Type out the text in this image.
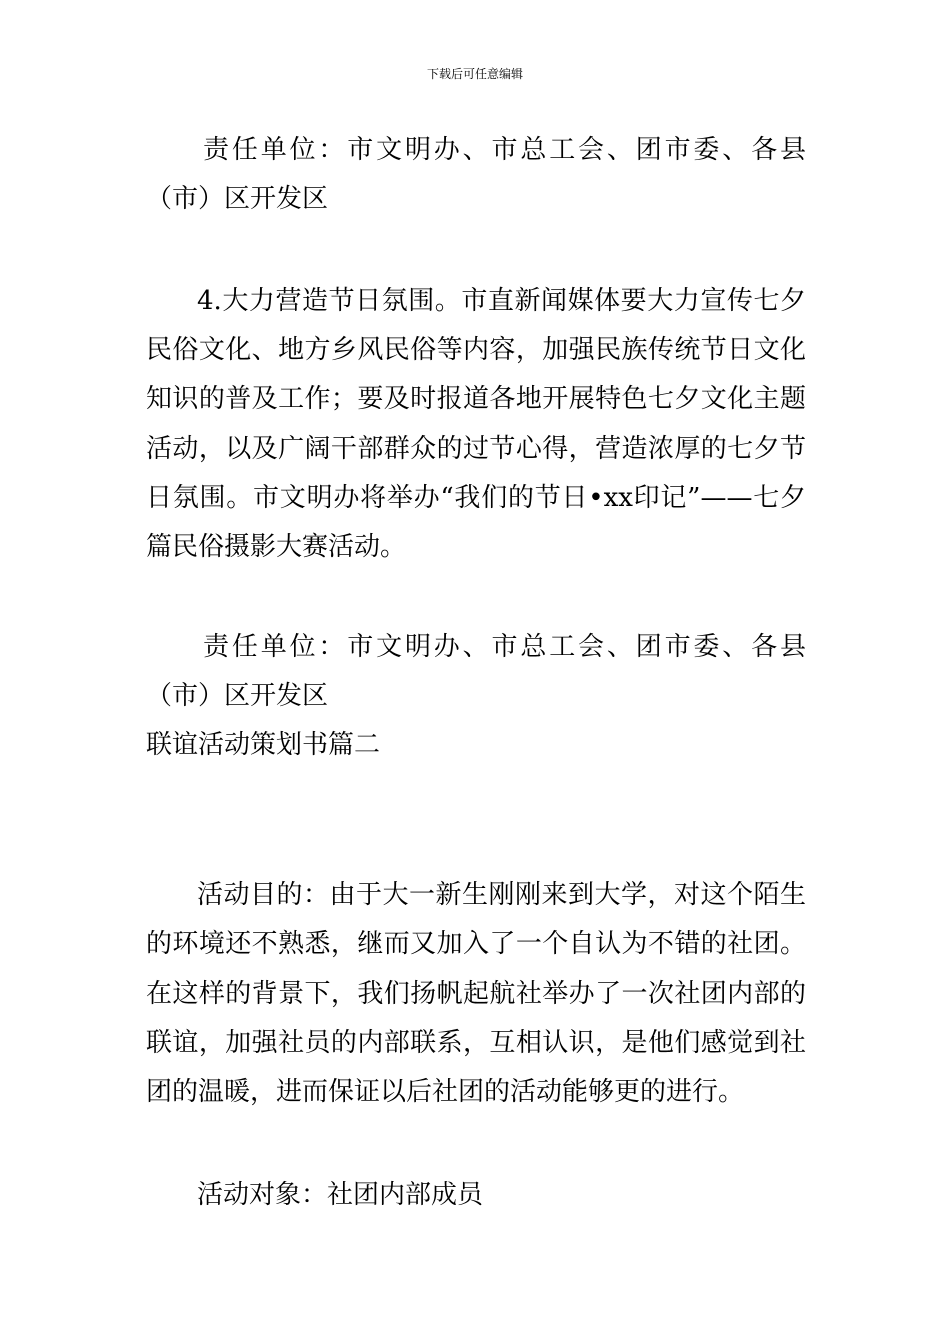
下载后可任意编辑
责任单位：市文明办、市总工会、团市委、各县
（市）区开发区
4.大力营造节日氛围。市直新闻媒体要大力宣传七夕
民俗文化、地方乡风民俗等内容，加强民族传统节日文化
知识的普及工作；要及时报道各地开展特色七夕文化主题
活动，以及广阔干部群众的过节心得，营造浓厚的七夕节
日氛围。市文明办将举办“我们的节日•xx印记”——七夕
篇民俗摄影大赛活动。
责任单位：市文明办、市总工会、团市委、各县
（市）区开发区
联谊活动策划书篇二
活动目的：由于大一新生刚刚来到大学，对这个陌生
的环境还不熟悉，继而又加入了一个自认为不错的社团。
在这样的背景下，我们扬帆起航社举办了一次社团内部的
联谊，加强社员的内部联系，互相认识，是他们感觉到社
团的温暖，进而保证以后社团的活动能够更的进行。
活动对象：社团内部成员
